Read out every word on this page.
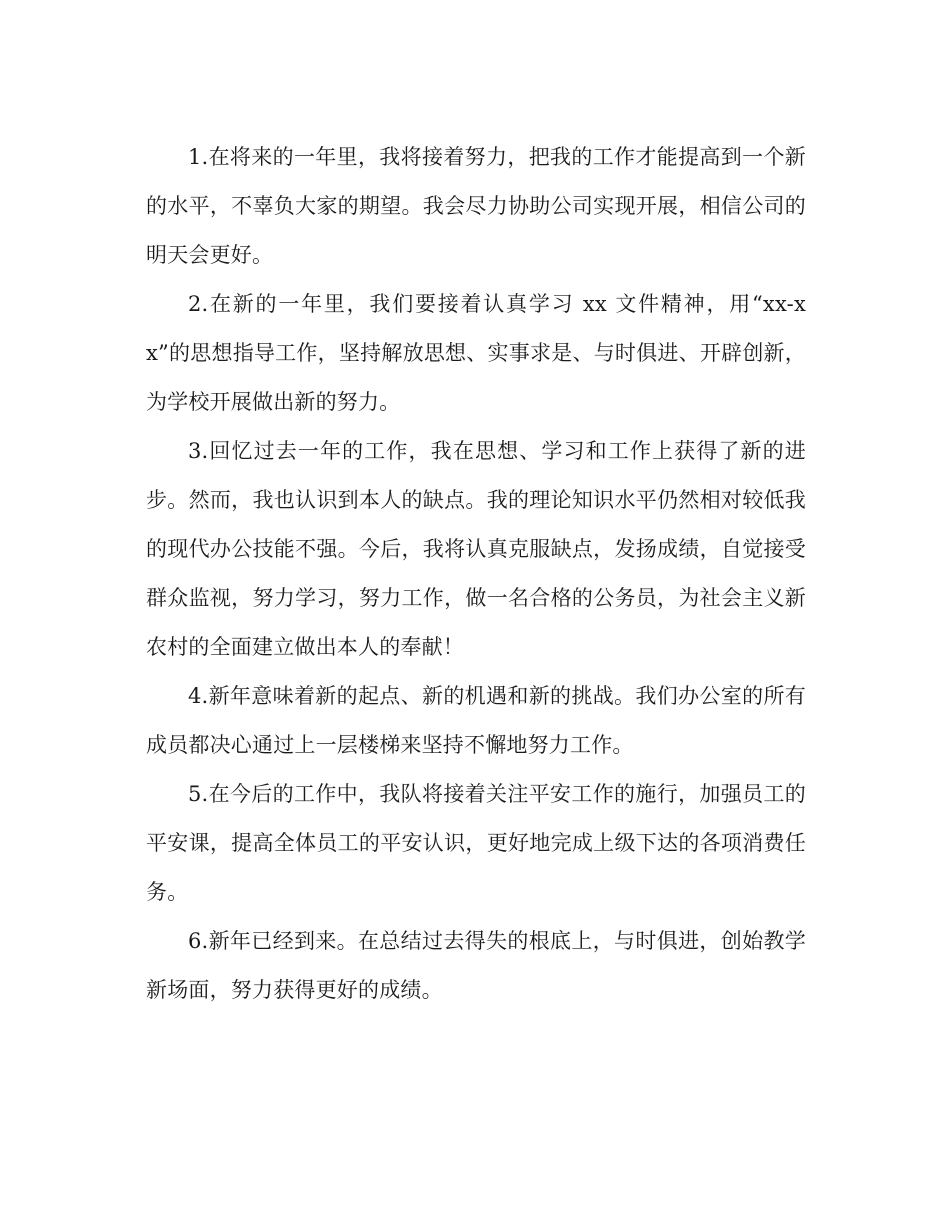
1.在将来的一年里，我将接着努力，把我的工作才能提高到一个新的水平，不辜负大家的期望。我会尽力协助公司实现开展，相信公司的明天会更好。

2.在新的一年里，我们要接着认真学习 xx 文件精神，用“xx-xx”的思想指导工作，坚持解放思想、实事求是、与时俱进、开辟创新，为学校开展做出新的努力。

3.回忆过去一年的工作，我在思想、学习和工作上获得了新的进步。然而，我也认识到本人的缺点。我的理论知识水平仍然相对较低我的现代办公技能不强。今后，我将认真克服缺点，发扬成绩，自觉接受群众监视，努力学习，努力工作，做一名合格的公务员，为社会主义新农村的全面建立做出本人的奉献！

4.新年意味着新的起点、新的机遇和新的挑战。我们办公室的所有成员都决心通过上一层楼梯来坚持不懈地努力工作。

5.在今后的工作中，我队将接着关注平安工作的施行，加强员工的平安课，提高全体员工的平安认识，更好地完成上级下达的各项消费任务。

6.新年已经到来。在总结过去得失的根底上，与时俱进，创始教学新场面，努力获得更好的成绩。
